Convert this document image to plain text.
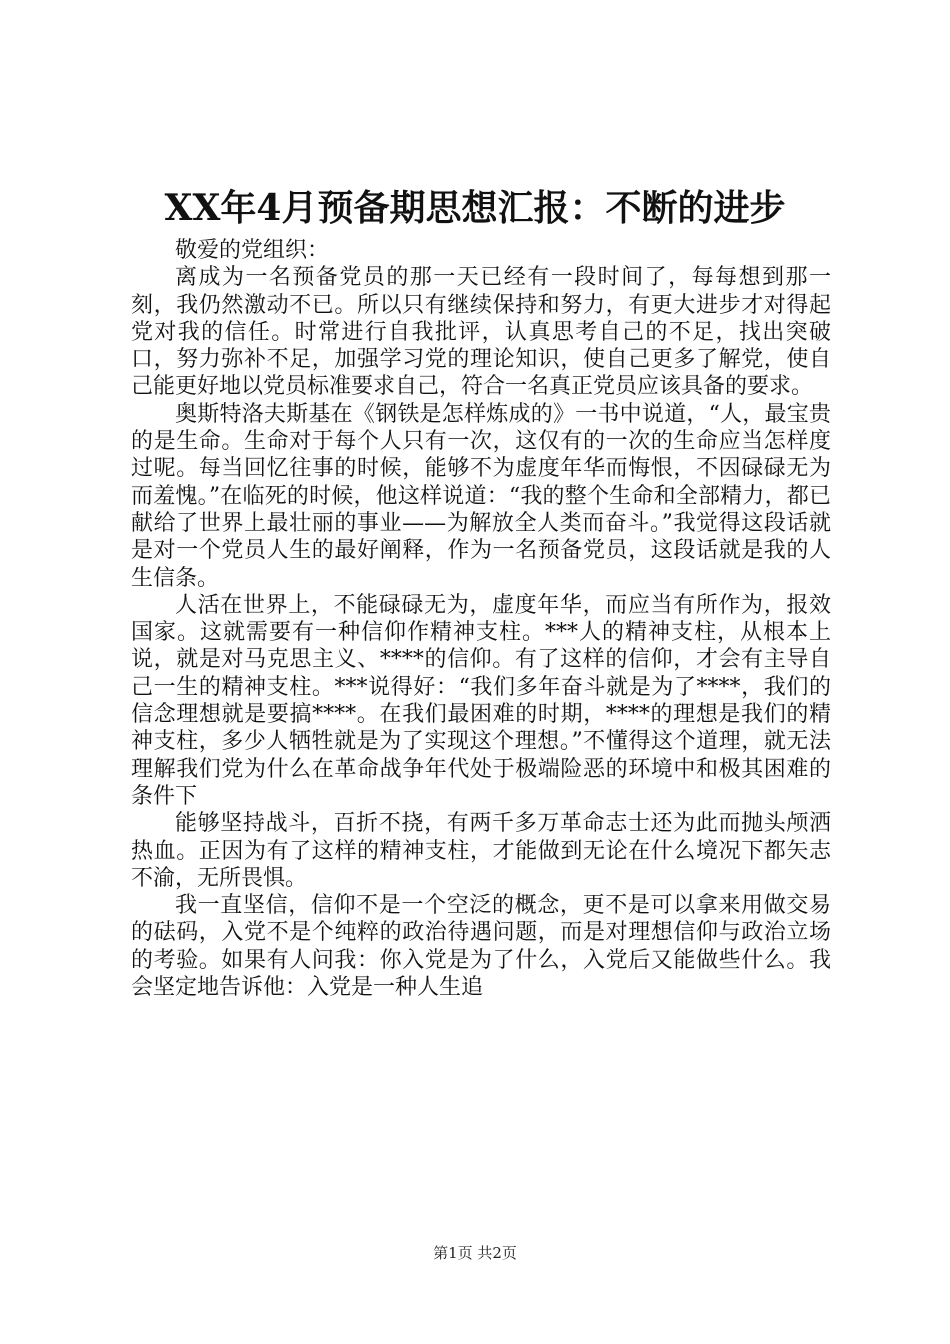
XX年4月预备期思想汇报：不断的进步

敬爱的党组织：

离成为一名预备党员的那一天已经有一段时间了，每每想到那一刻，我仍然激动不已。所以只有继续保持和努力，有更大进步才对得起党对我的信任。时常进行自我批评，认真思考自己的不足，找出突破口，努力弥补不足，加强学习党的理论知识，使自己更多了解党，使自己能更好地以党员标准要求自己，符合一名真正党员应该具备的要求。

奥斯特洛夫斯基在《钢铁是怎样炼成的》一书中说道，“人，最宝贵的是生命。生命对于每个人只有一次，这仅有的一次的生命应当怎样度过呢。每当回忆往事的时候，能够不为虚度年华而悔恨，不因碌碌无为而羞愧。”在临死的时候，他这样说道：“我的整个生命和全部精力，都已献给了世界上最壮丽的事业——为解放全人类而奋斗。”我觉得这段话就是对一个党员人生的最好阐释，作为一名预备党员，这段话就是我的人生信条。

人活在世界上，不能碌碌无为，虚度年华，而应当有所作为，报效国家。这就需要有一种信仰作精神支柱。***人的精神支柱，从根本上说，就是对马克思主义、****的信仰。有了这样的信仰，才会有主导自己一生的精神支柱。***说得好：“我们多年奋斗就是为了****，我们的信念理想就是要搞****。在我们最困难的时期，****的理想是我们的精神支柱，多少人牺牲就是为了实现这个理想。”不懂得这个道理，就无法理解我们党为什么在革命战争年代处于极端险恶的环境中和极其困难的条件下

能够坚持战斗，百折不挠，有两千多万革命志士还为此而抛头颅洒热血。正因为有了这样的精神支柱，才能做到无论在什么境况下都矢志不渝，无所畏惧。

我一直坚信，信仰不是一个空泛的概念，更不是可以拿来用做交易的砝码，入党不是个纯粹的政治待遇问题，而是对理想信仰与政治立场的考验。如果有人问我：你入党是为了什么，入党后又能做些什么。我会坚定地告诉他：入党是一种人生追

第1页 共2页
